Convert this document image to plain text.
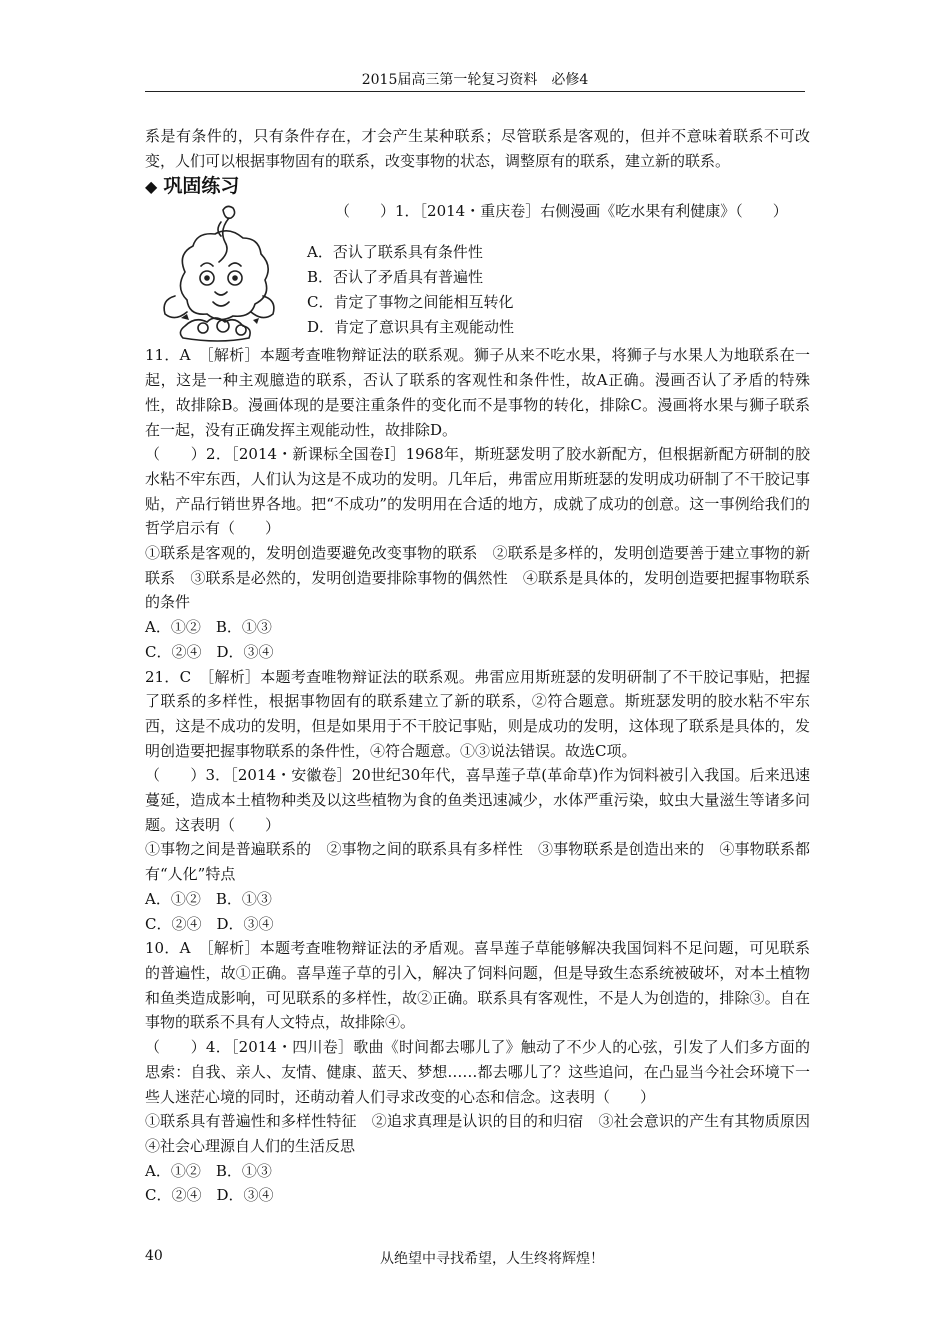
2015届高三第一轮复习资料　必修4

系是有条件的，只有条件存在，才会产生某种联系；尽管联系是客观的，但并不意味着联系不可改变，人们可以根据事物固有的联系，改变事物的状态，调整原有的联系，建立新的联系。

◆ 巩固练习
（　　）1．［2014・重庆卷］右侧漫画《吃水果有利健康》（　　）
A．否认了联系具有条件性
B．否认了矛盾具有普遍性
C．肯定了事物之间能相互转化
D．肯定了意识具有主观能动性

11．A　［解析］本题考查唯物辩证法的联系观。狮子从来不吃水果，将狮子与水果人为地联系在一起，这是一种主观臆造的联系，否认了联系的客观性和条件性，故A正确。漫画否认了矛盾的特殊性，故排除B。漫画体现的是要注重条件的变化而不是事物的转化，排除C。漫画将水果与狮子联系在一起，没有正确发挥主观能动性，故排除D。

（　　）2．［2014・新课标全国卷Ⅰ］1968年，斯班瑟发明了胶水新配方，但根据新配方研制的胶水粘不牢东西，人们认为这是不成功的发明。几年后，弗雷应用斯班瑟的发明成功研制了不干胶记事贴，产品行销世界各地。把“不成功”的发明用在合适的地方，成就了成功的创意。这一事例给我们的哲学启示有（　　）

①联系是客观的，发明创造要避免改变事物的联系　②联系是多样的，发明创造要善于建立事物的新联系　③联系是必然的，发明创造要排除事物的偶然性　④联系是具体的，发明创造要把握事物联系的条件

A．①②　B．①③

C．②④　D．③④

21．C　［解析］本题考查唯物辩证法的联系观。弗雷应用斯班瑟的发明研制了不干胶记事贴，把握了联系的多样性，根据事物固有的联系建立了新的联系，②符合题意。斯班瑟发明的胶水粘不牢东西，这是不成功的发明，但是如果用于不干胶记事贴，则是成功的发明，这体现了联系是具体的，发明创造要把握事物联系的条件性，④符合题意。①③说法错误。故选C项。

（　　）3．［2014・安徽卷］20世纪30年代，喜旱莲子草(革命草)作为饲料被引入我国。后来迅速蔓延，造成本土植物种类及以这些植物为食的鱼类迅速减少，水体严重污染，蚊虫大量滋生等诸多问题。这表明（　　）

①事物之间是普遍联系的　②事物之间的联系具有多样性　③事物联系是创造出来的　④事物联系都有“人化”特点

A．①②　B．①③

C．②④　D．③④

10．A　［解析］本题考查唯物辩证法的矛盾观。喜旱莲子草能够解决我国饲料不足问题，可见联系的普遍性，故①正确。喜旱莲子草的引入，解决了饲料问题，但是导致生态系统被破坏，对本土植物和鱼类造成影响，可见联系的多样性，故②正确。联系具有客观性，不是人为创造的，排除③。自在事物的联系不具有人文特点，故排除④。

（　　）4．［2014・四川卷］歌曲《时间都去哪儿了》触动了不少人的心弦，引发了人们多方面的思索：自我、亲人、友情、健康、蓝天、梦想……都去哪儿了？这些追问，在凸显当今社会环境下一些人迷茫心境的同时，还萌动着人们寻求改变的心态和信念。这表明（　　）

①联系具有普遍性和多样性特征　②追求真理是认识的目的和归宿　③社会意识的产生有其物质原因　④社会心理源自人们的生活反思

A．①②　B．①③

C．②④　D．③④

40	从绝望中寻找希望，人生终将辉煌！
